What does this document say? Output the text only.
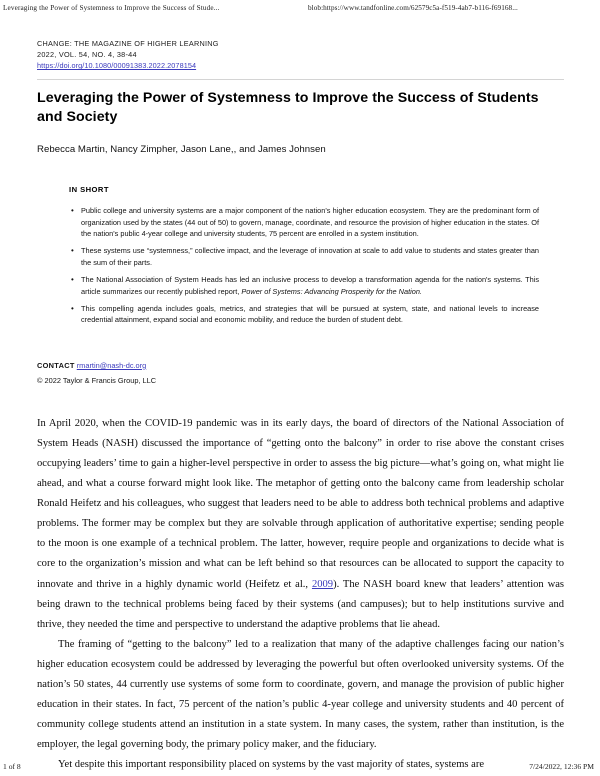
Leveraging the Power of Systemness to Improve the Success of Stude...	blob:https://www.tandfonline.com/62579c5a-f519-4ab7-b116-f69168...
CHANGE: THE MAGAZINE OF HIGHER LEARNING
2022, VOL. 54, NO. 4, 38-44
https://doi.org/10.1080/00091383.2022.2078154
Leveraging the Power of Systemness to Improve the Success of Students and Society
Rebecca Martin, Nancy Zimpher, Jason Lane,, and James Johnsen
IN SHORT
• Public college and university systems are a major component of the nation's higher education ecosystem. They are the predominant form of organization used by the states (44 out of 50) to govern, manage, coordinate, and resource the provision of higher education in the states. Of the nation's public 4-year college and university students, 75 percent are enrolled in a system institution.
• These systems use “systemness,” collective impact, and the leverage of innovation at scale to add value to students and states greater than the sum of their parts.
• The National Association of System Heads has led an inclusive process to develop a transformation agenda for the nation's systems. This article summarizes our recently published report, Power of Systems: Advancing Prosperity for the Nation.
• This compelling agenda includes goals, metrics, and strategies that will be pursued at system, state, and national levels to increase credential attainment, expand social and economic mobility, and reduce the burden of student debt.
CONTACT rmartin@nash-dc.org
© 2022 Taylor & Francis Group, LLC

In April 2020, when the COVID-19 pandemic was in its early days, the board of directors of the National Association of System Heads (NASH) discussed the importance of “getting onto the balcony” in order to rise above the constant crises occupying leaders’ time to gain a higher-level perspective in order to assess the big picture—what’s going on, what might lie ahead, and what a course forward might look like. The metaphor of getting onto the balcony came from leadership scholar Ronald Heifetz and his colleagues, who suggest that leaders need to be able to address both technical problems and adaptive problems. The former may be complex but they are solvable through application of authoritative expertise; sending people to the moon is one example of a technical problem. The latter, however, require people and organizations to decide what is core to the organization’s mission and what can be left behind so that resources can be allocated to support the capacity to innovate and thrive in a highly dynamic world (Heifetz et al., 2009). The NASH board knew that leaders’ attention was being drawn to the technical problems being faced by their systems (and campuses); but to help institutions survive and thrive, they needed the time and perspective to understand the adaptive problems that lie ahead.

The framing of “getting to the balcony” led to a realization that many of the adaptive challenges facing our nation’s higher education ecosystem could be addressed by leveraging the powerful but often overlooked university systems. Of the nation’s 50 states, 44 currently use systems of some form to coordinate, govern, and manage the provision of public higher education in their states. In fact, 75 percent of the nation’s public 4-year college and university students and 40 percent of community college students attend an institution in a state system. In many cases, the system, rather than institution, is the employer, the legal governing body, the primary policy maker, and the fiduciary.

Yet despite this important responsibility placed on systems by the vast majority of states, systems are

1 of 8	7/24/2022, 12:36 PM
